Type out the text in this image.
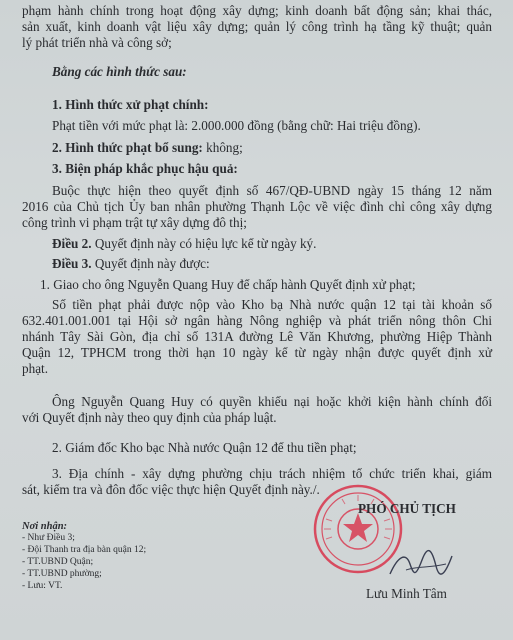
phạm hành chính trong hoạt động xây dựng; kinh doanh bất động sản; khai thác,
sản xuất, kinh doanh vật liệu xây dựng; quản lý công trình hạ tầng kỹ thuật; quản
lý phát triển nhà và công sở;
Bằng các hình thức sau:
1. Hình thức xử phạt chính:
Phạt tiền với mức phạt là: 2.000.000 đồng (bằng chữ: Hai triệu đồng).
2. Hình thức phạt bổ sung: không;
3. Biện pháp khắc phục hậu quả:
Buộc thực hiện theo quyết định số 467/QĐ-UBND ngày 15 tháng 12 năm
2016 của Chủ tịch Ủy ban nhân phường Thạnh Lộc về việc đình chỉ công xây dựng
công trình vi phạm trật tự xây dựng đô thị;
Điều 2. Quyết định này có hiệu lực kể từ ngày ký.
Điều 3. Quyết định này được:
1. Giao cho ông Nguyễn Quang Huy để chấp hành Quyết định xử phạt;
Số tiền phạt phải được nộp vào Kho bạ Nhà nước quận 12 tại tài khoản số
632.401.001.001 tại Hội sở ngân hàng Nông nghiệp và phát triển nông thôn Chi
nhánh Tây Sài Gòn, địa chỉ số 131A đường Lê Văn Khương, phường Hiệp Thành
Quận 12, TPHCM trong thời hạn 10 ngày kể từ ngày nhận được quyết định xử
phạt.
Ông Nguyễn Quang Huy có quyền khiếu nại hoặc khởi kiện hành chính đối
với Quyết định này theo quy định của pháp luật.
2. Giám đốc Kho bạc Nhà nước Quận 12 để thu tiền phạt;
3. Địa chính - xây dựng phường chịu trách nhiệm tổ chức triển khai, giám
sát, kiểm tra và đôn đốc việc thực hiện Quyết định này./.
Nơi nhận:
- Như Điều 3;
- Đội Thanh tra địa bàn quận 12;
- TT.UBND Quận;
- TT.UBND phường;
- Lưu: VT.
PHÓ CHỦ TỊCH
Lưu Minh Tâm
